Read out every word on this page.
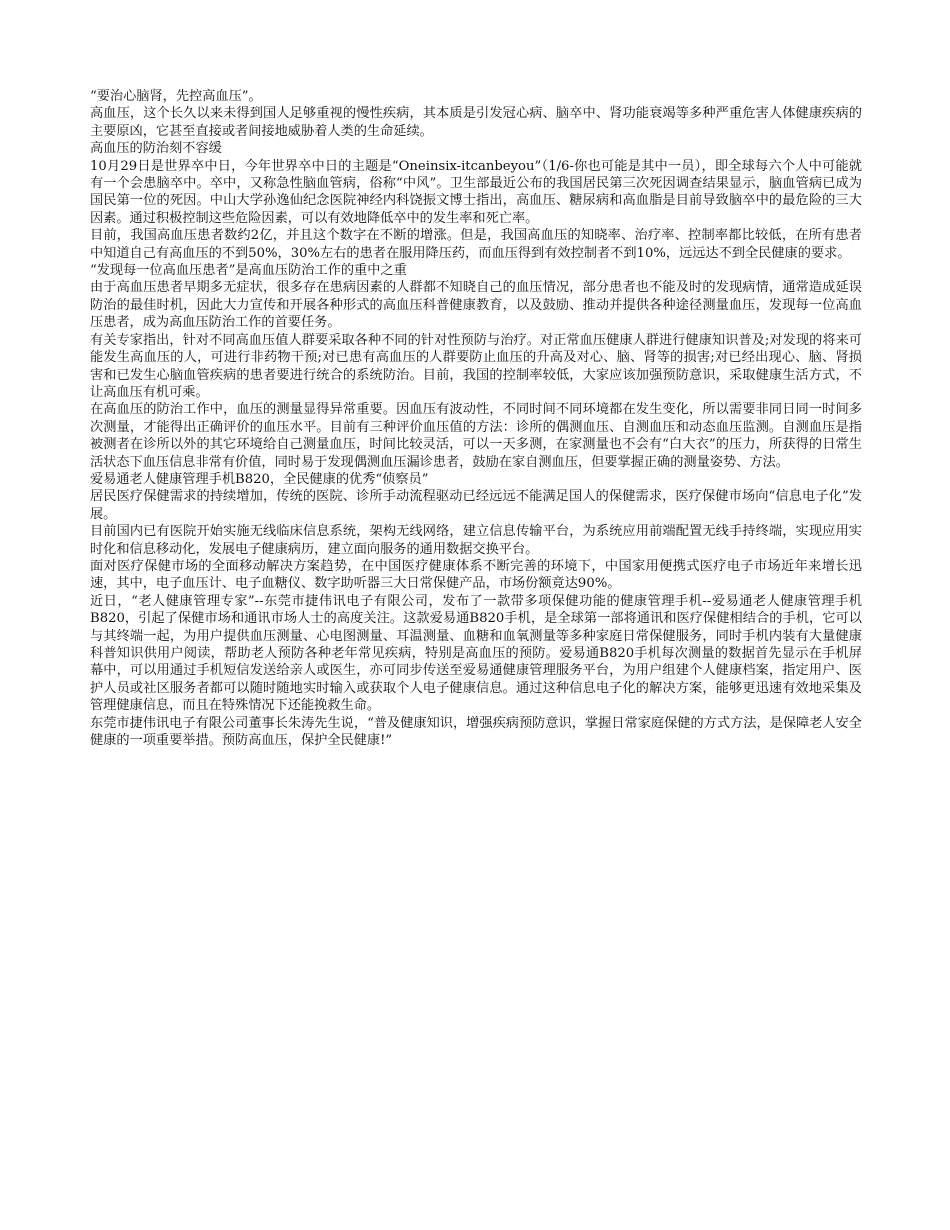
“要治心脑肾，先控高血压”。

高血压，这个长久以来未得到国人足够重视的慢性疾病，其本质是引发冠心病、脑卒中、肾功能衰竭等多种严重危害人体健康疾病的主要原凶，它甚至直接或者间接地威胁着人类的生命延续。

高血压的防治刻不容缓

10月29日是世界卒中日，今年世界卒中日的主题是“Oneinsix-itcanbeyou”（1/6-你也可能是其中一员），即全球每六个人中可能就有一个会患脑卒中。卒中，又称急性脑血管病，俗称“中风”。卫生部最近公布的我国居民第三次死因调查结果显示，脑血管病已成为国民第一位的死因。中山大学孙逸仙纪念医院神经内科饶振文博士指出，高血压、糖尿病和高血脂是目前导致脑卒中的最危险的三大因素。通过积极控制这些危险因素，可以有效地降低卒中的发生率和死亡率。

目前，我国高血压患者数约2亿，并且这个数字在不断的增涨。但是，我国高血压的知晓率、治疗率、控制率都比较低，在所有患者中知道自己有高血压的不到50%，30%左右的患者在服用降压药，而血压得到有效控制者不到10%，远远达不到全民健康的要求。

“发现每一位高血压患者”是高血压防治工作的重中之重

由于高血压患者早期多无症状，很多存在患病因素的人群都不知晓自己的血压情况，部分患者也不能及时的发现病情，通常造成延误防治的最佳时机，因此大力宣传和开展各种形式的高血压科普健康教育，以及鼓励、推动并提供各种途径测量血压，发现每一位高血压患者，成为高血压防治工作的首要任务。

有关专家指出，针对不同高血压值人群要采取各种不同的针对性预防与治疗。对正常血压健康人群进行健康知识普及;对发现的将来可能发生高血压的人，可进行非药物干预;对已患有高血压的人群要防止血压的升高及对心、脑、肾等的损害;对已经出现心、脑、肾损害和已发生心脑血管疾病的患者要进行统合的系统防治。目前，我国的控制率较低，大家应该加强预防意识，采取健康生活方式，不让高血压有机可乘。

在高血压的防治工作中，血压的测量显得异常重要。因血压有波动性，不同时间不同环境都在发生变化，所以需要非同日同一时间多次测量，才能得出正确评价的血压水平。目前有三种评价血压值的方法：诊所的偶测血压、自测血压和动态血压监测。自测血压是指被测者在诊所以外的其它环境给自己测量血压，时间比较灵活，可以一天多测，在家测量也不会有“白大衣”的压力，所获得的日常生活状态下血压信息非常有价值，同时易于发现偶测血压漏诊患者，鼓励在家自测血压，但要掌握正确的测量姿势、方法。

爱易通老人健康管理手机B820，全民健康的优秀“侦察员”

居民医疗保健需求的持续增加，传统的医院、诊所手动流程驱动已经远远不能满足国人的保健需求，医疗保健市场向“信息电子化”发展。

目前国内已有医院开始实施无线临床信息系统，架构无线网络，建立信息传输平台，为系统应用前端配置无线手持终端，实现应用实时化和信息移动化，发展电子健康病历，建立面向服务的通用数据交换平台。

面对医疗保健市场的全面移动解决方案趋势，在中国医疗健康体系不断完善的环境下，中国家用便携式医疗电子市场近年来增长迅速，其中，电子血压计、电子血糖仪、数字助听器三大日常保健产品，市场份额竟达90%。

近日，“老人健康管理专家”--东莞市捷伟讯电子有限公司，发布了一款带多项保健功能的健康管理手机--爱易通老人健康管理手机B820，引起了保健市场和通讯市场人士的高度关注。这款爱易通B820手机，是全球第一部将通讯和医疗保健相结合的手机，它可以与其终端一起，为用户提供血压测量、心电图测量、耳温测量、血糖和血氧测量等多种家庭日常保健服务，同时手机内装有大量健康科普知识供用户阅读，帮助老人预防各种老年常见疾病，特别是高血压的预防。爱易通B820手机每次测量的数据首先显示在手机屏幕中，可以用通过手机短信发送给亲人或医生，亦可同步传送至爱易通健康管理服务平台，为用户组建个人健康档案，指定用户、医护人员或社区服务者都可以随时随地实时输入或获取个人电子健康信息。通过这种信息电子化的解决方案，能够更迅速有效地采集及管理健康信息，而且在特殊情况下还能挽救生命。

东莞市捷伟讯电子有限公司董事长朱涛先生说，“普及健康知识，增强疾病预防意识，掌握日常家庭保健的方式方法，是保障老人安全健康的一项重要举措。预防高血压，保护全民健康!”
